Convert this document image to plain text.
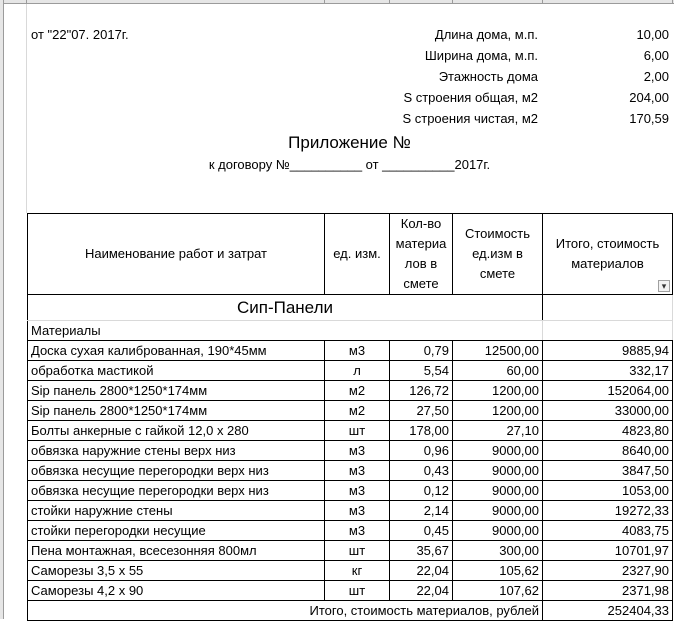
от "22"07. 2017г.	Длина дома, м.п.	10,00
Ширина дома, м.п.	6,00
Этажность дома	2,00
S строения общая, м2	204,00
S строения чистая, м2	170,59
Приложение №
к договору №__________ от __________2017г.
Наименование работ и затрат	ед. изм.	Кол-во материа лов в смете	Стоимость ед.изм в смете	Итого, стоимость материалов
▾

Сип-Панели				
Материалы				
Доска сухая калиброванная, 190*45мм	м3	0,79	12500,00	9885,94
обработка мастикой	л	5,54	60,00	332,17
Sip панель 2800*1250*174мм	м2	126,72	1200,00	152064,00
Sip панель 2800*1250*174мм	м2	27,50	1200,00	33000,00
Болты анкерные с гайкой 12,0 х 280	шт	178,00	27,10	4823,80
обвязка наружние стены верх низ	м3	0,96	9000,00	8640,00
обвязка несущие перегородки верх низ	м3	0,43	9000,00	3847,50
обвязка несущие перегородки верх низ	м3	0,12	9000,00	1053,00
стойки наружние стены	м3	2,14	9000,00	19272,33
стойки перегородки несущие	м3	0,45	9000,00	4083,75
Пена монтажная, всесезонняя 800мл	шт	35,67	300,00	10701,97
Саморезы 3,5 х 55	кг	22,04	105,62	2327,90
Саморезы 4,2 х 90	шт	22,04	107,62	2371,98
Итого, стоимость материалов, рублей				252404,33
